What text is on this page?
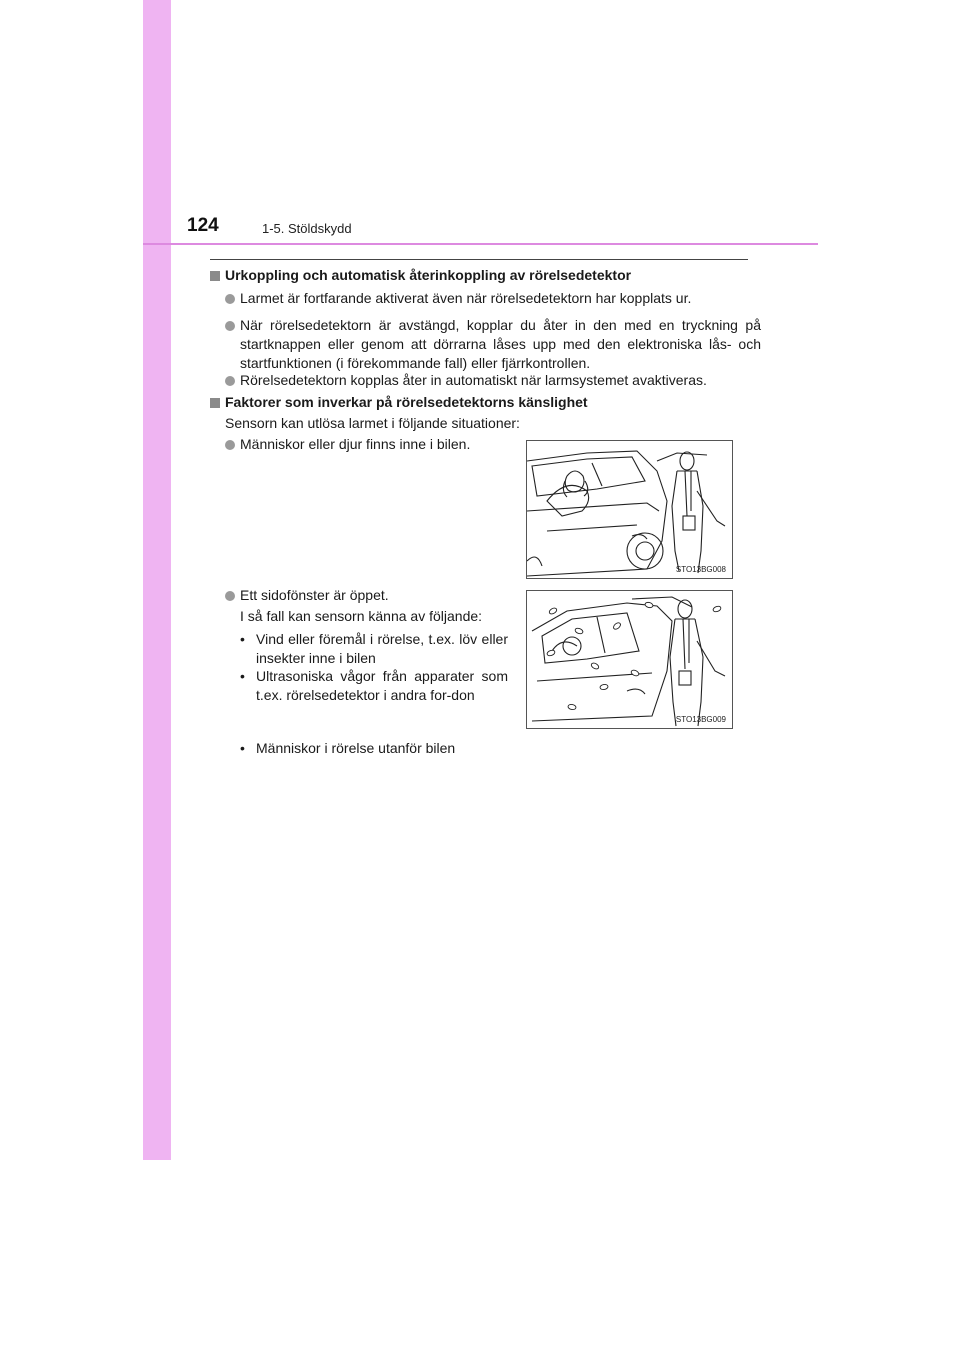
124	1-5. Stöldskydd
Urkoppling och automatisk återinkoppling av rörelsedetektor
Larmet är fortfarande aktiverat även när rörelsedetektorn har kopplats ur.
När rörelsedetektorn är avstängd, kopplar du åter in den med en tryckning på startknappen eller genom att dörrarna låses upp med den elektroniska lås- och startfunktionen (i förekommande fall) eller fjärrkontrollen.
Rörelsedetektorn kopplas åter in automatiskt när larmsystemet avaktiveras.
Faktorer som inverkar på rörelsedetektorns känslighet
Sensorn kan utlösa larmet i följande situationer:
Människor eller djur finns inne i bilen.
Ett sidofönster är öppet.
I så fall kan sensorn känna av följande:
• Vind eller föremål i rörelse, t.ex. löv eller insekter inne i bilen
• Ultrasoniska vågor från apparater som t.ex. rörelsedetektor i andra for-don
• Människor i rörelse utanför bilen
STO13BG008
STO13BG009
